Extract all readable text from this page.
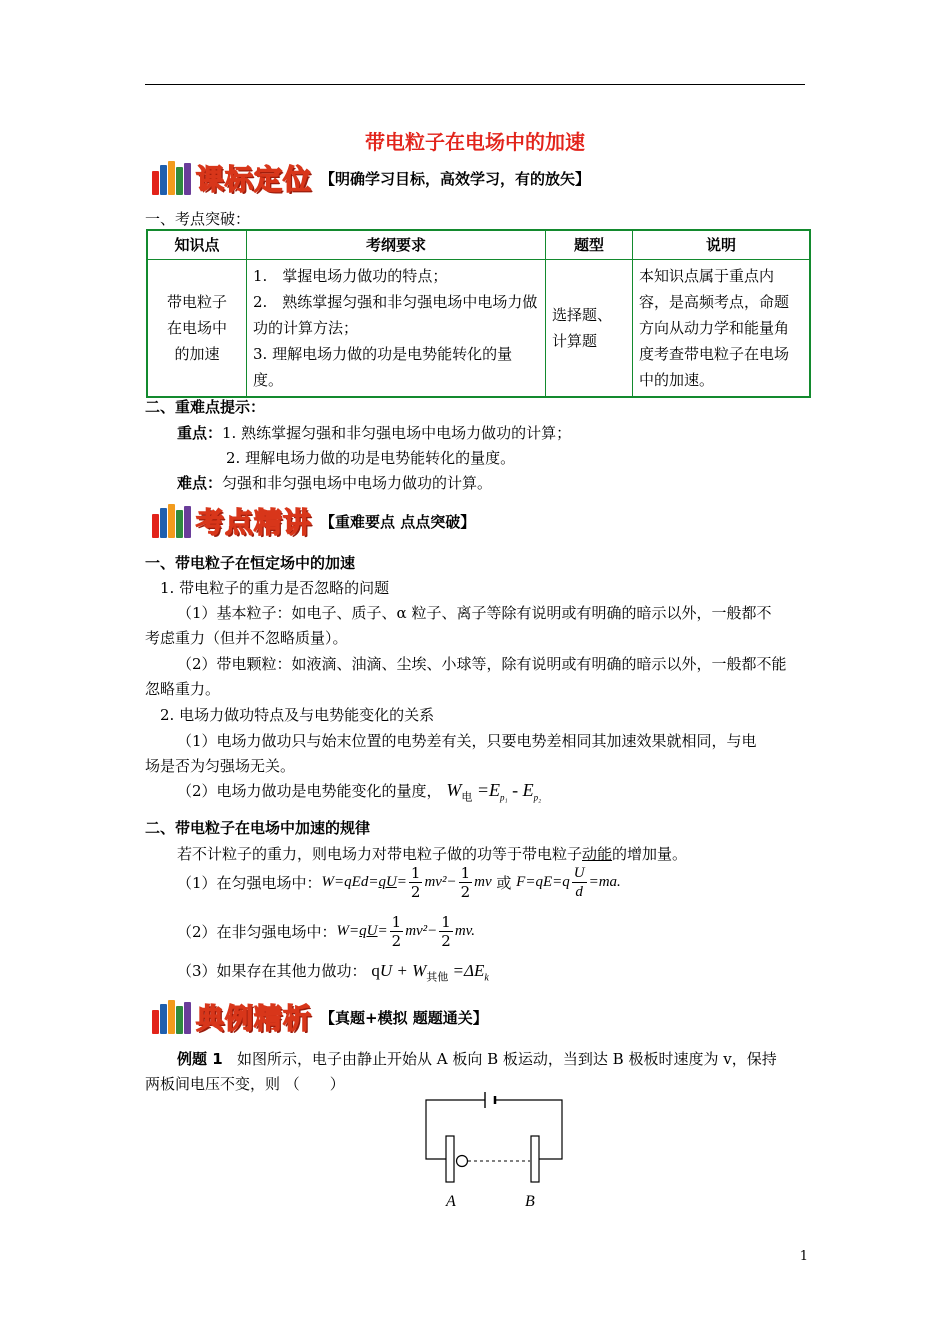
带电粒子在电场中的加速
课标定位 【明确学习目标，高效学习，有的放矢】
一、考点突破：
知识点	考纲要求	题型	说明
带电粒子在电场中的加速	1.　掌握电场力做功的特点；
2.　熟练掌握匀强和非匀强电场中电场力做功的计算方法；
3. 理解电场力做的功是电势能转化的量度。	选择题、计算题	本知识点属于重点内容，是高频考点，命题方向从动力学和能量角度考查带电粒子在电场中的加速。
二、重难点提示：
重点：1. 熟练掌握匀强和非匀强电场中电场力做功的计算；
2. 理解电场力做的功是电势能转化的量度。
难点：匀强和非匀强电场中电场力做功的计算。
考点精讲 【重难要点 点点突破】
一、带电粒子在恒定场中的加速
1. 带电粒子的重力是否忽略的问题
（1）基本粒子：如电子、质子、α 粒子、离子等除有说明或有明确的暗示以外，一般都不
考虑重力（但并不忽略质量）。
（2）带电颗粒：如液滴、油滴、尘埃、小球等，除有说明或有明确的暗示以外，一般都不能
忽略重力。
2. 电场力做功特点及与电势能变化的关系
（1）电场力做功只与始末位置的电势差有关，只要电势差相同其加速效果就相同，与电
场是否为匀强场无关。
（2）电场力做功是电势能变化的量度， $W_电 =E_{p_1} - E_{p_2}$
二、带电粒子在电场中加速的规律
若不计粒子的重力，则电场力对带电粒子做的功等于带电粒子动能的增加量。
（1）在匀强电场中： $W=qEd=qU= \frac{1}{2} mv^2- \frac{1}{2}$ mv 或 $F=qE=q \frac{U}{d} =ma$.
（2）在非匀强电场中： $W=qU= \frac{1}{2} mv^2- \frac{1}{2}$ mv.
（3）如果存在其他力做功： qU + $W_{其他} =\Delta E_k$
典例精析 【真题+模拟 题题通关】
例题 1 如图所示，电子由静止开始从 A 板向 B 板运动，当到达 B 极板时速度为 v，保持
两板间电压不变，则 （　　）
A	B
1
